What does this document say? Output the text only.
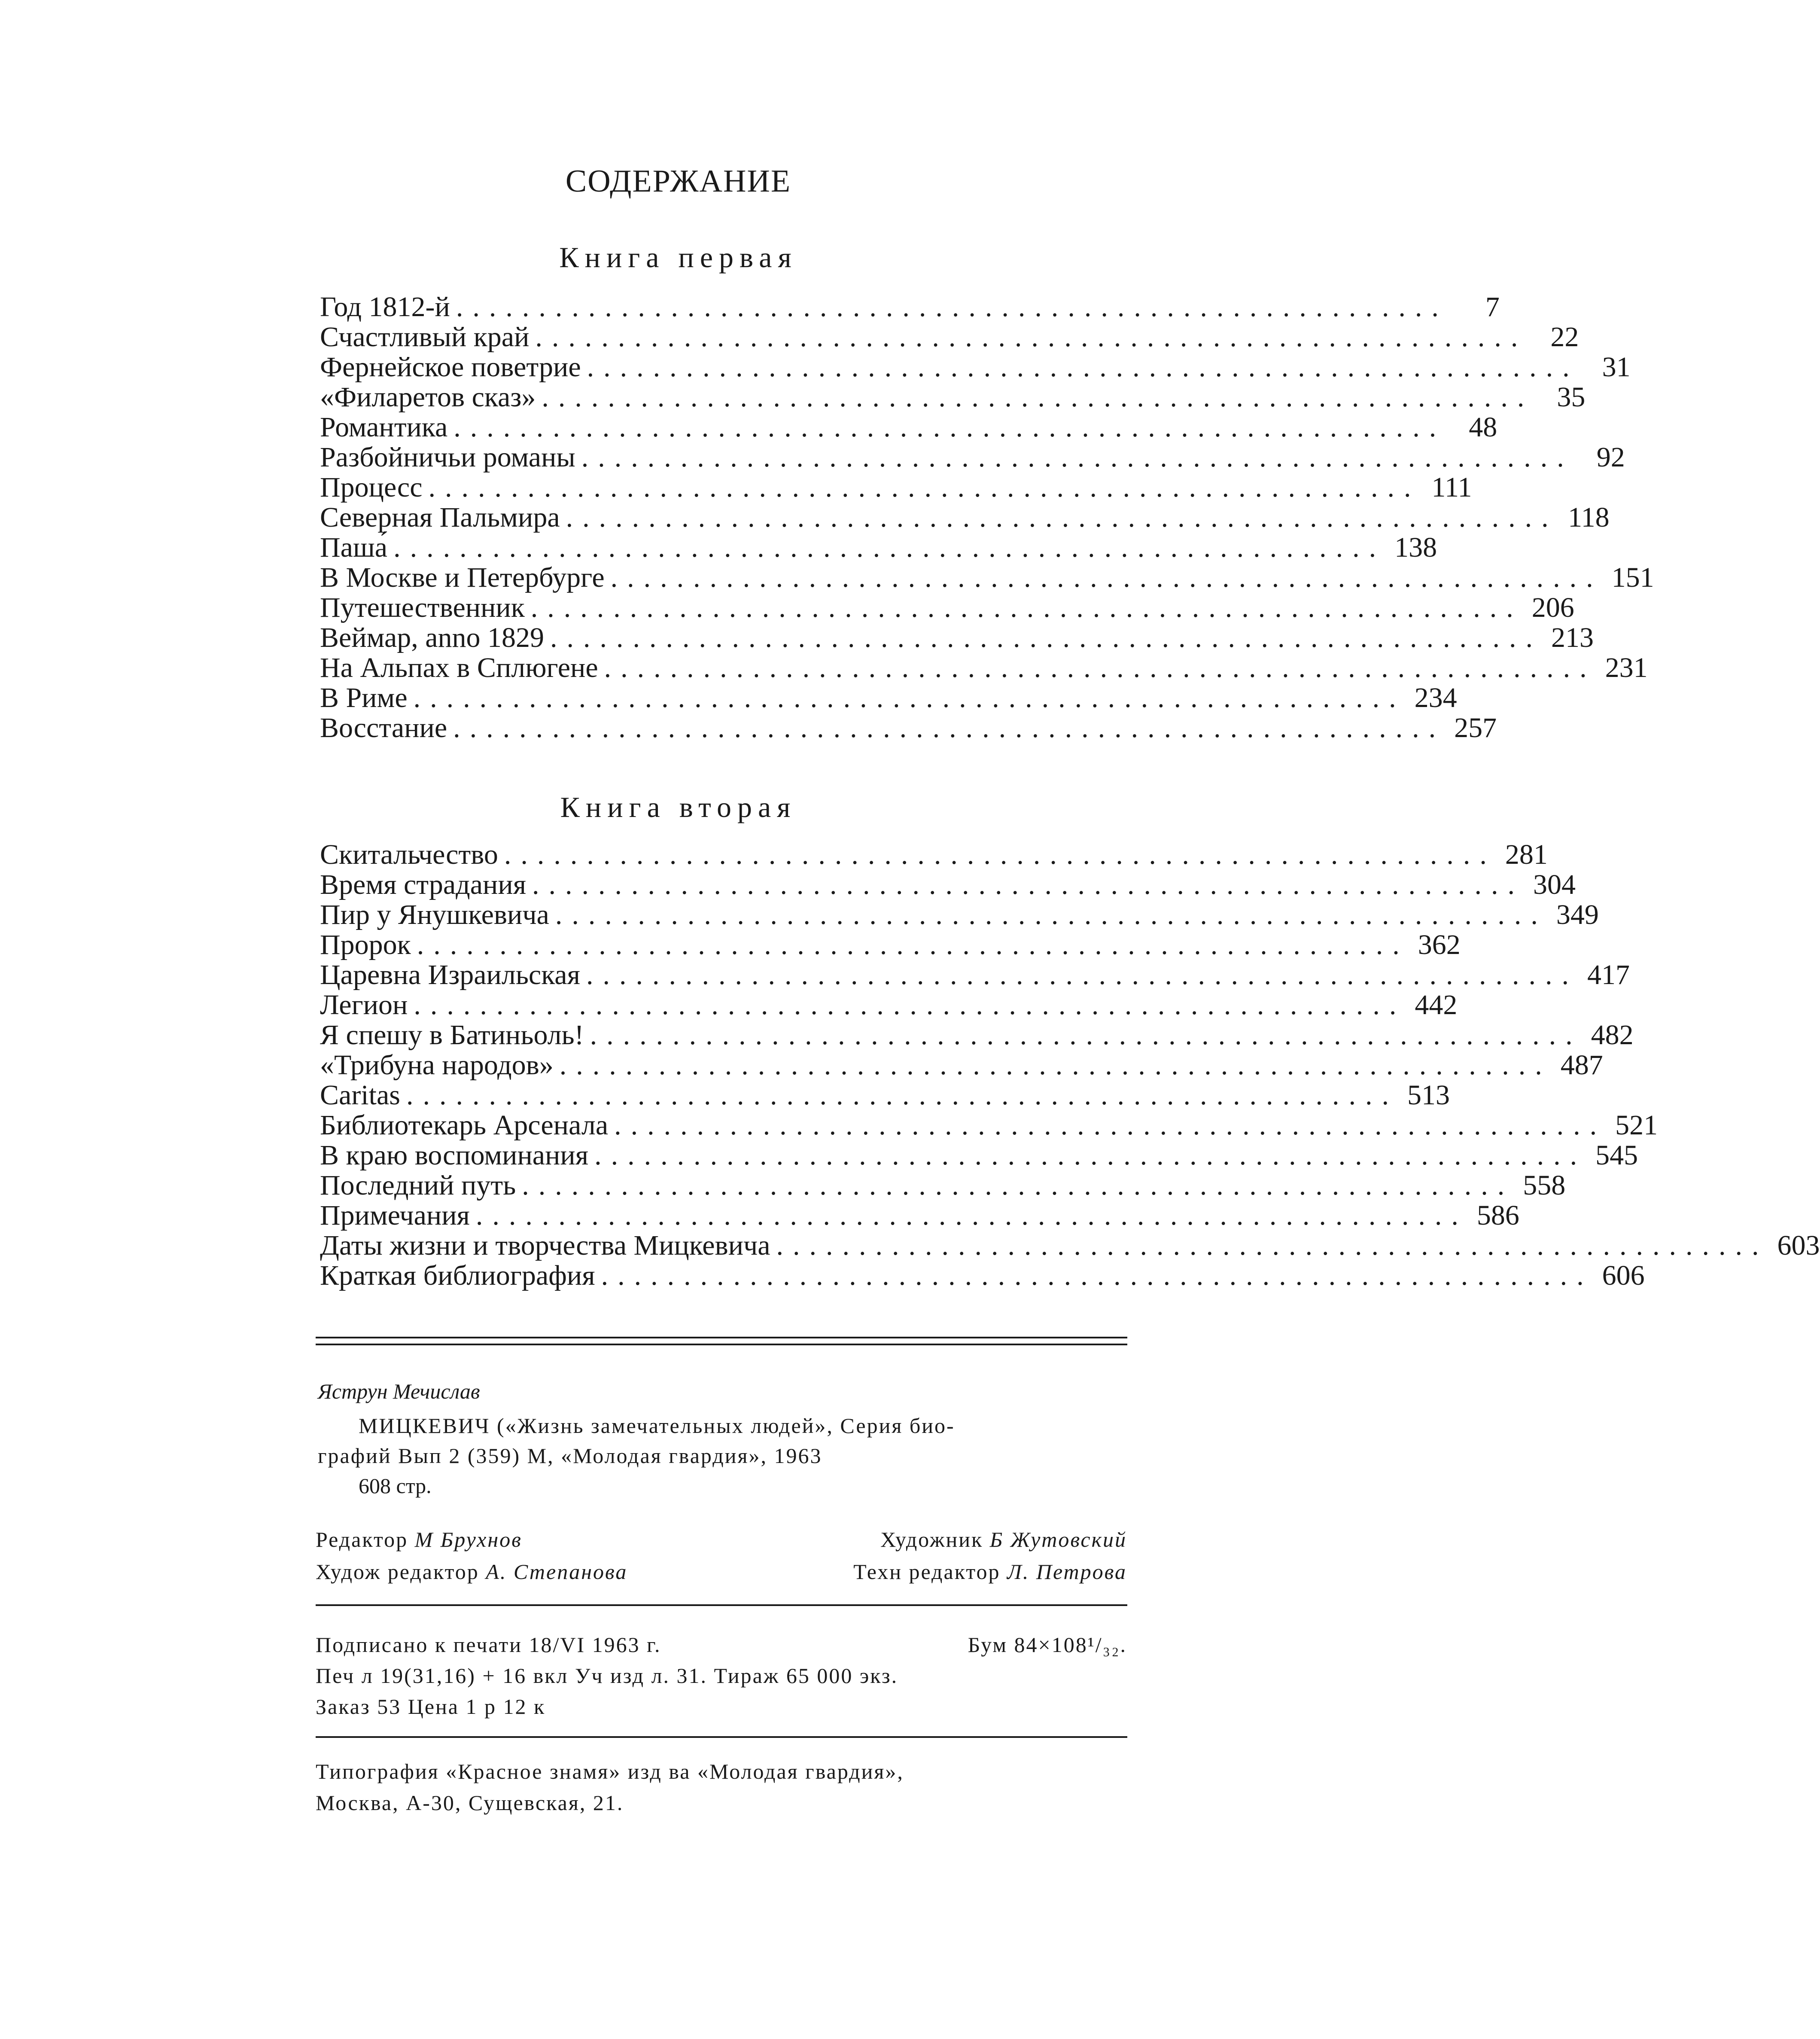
СОДЕРЖАНИЕ
Книга первая
Год 1812-й ............................................................	7
Счастливый край ............................................................ 22
Фернейское поветрие ............................................................ 31
«Филаретов сказ» ............................................................ 35
Романтика ............................................................ 48
Разбойничьи романы ............................................................ 92
Процесс ............................................................ 111
Северная Пальмира ............................................................ 118
Паша́ ............................................................ 138
В Москве и Петербурге ............................................................ 151
Путешественник ............................................................ 206
Веймар, anno 1829 ............................................................ 213
На Альпах в Сплюгене ............................................................ 231
В Риме ............................................................ 234
Восстание ............................................................ 257
Книга вторая
Скитальчество ............................................................ 281
Время страдания ............................................................ 304
Пир у Янушкевича ............................................................ 349
Пророк ............................................................ 362
Царевна Израильская ............................................................ 417
Легион ............................................................ 442
Я спешу в Батиньоль! ............................................................ 482
«Трибуна народов» ............................................................ 487
Caritas ............................................................ 513
Библиотекарь Арсенала ............................................................ 521
В краю воспоминания ............................................................ 545
Последний путь ............................................................ 558
Примечания ............................................................ 586
Даты жизни и творчества Мицкевича ............................................................ 603
Краткая библиография ............................................................ 606
Яструн Мечислав
МИЦКЕВИЧ («Жизнь замечательных людей», Серия био-
графий Вып 2 (359) М, «Молодая гвардия», 1963
608 стр.
Редактор М Брухнов	Художник Б Жутовский
Худож редактор А. Степанова	Техн редактор Л. Петрова
Подписано к печати 18/VI 1963 г.	Бум 84×108¹/₃₂.
Печ л 19(31,16) + 16 вкл Уч изд л. 31. Тираж 65 000 экз.
Заказ 53 Цена 1 р 12 к
Типография «Красное знамя» изд ва «Молодая гвардия»,
Москва, А-30, Сущевская, 21.
